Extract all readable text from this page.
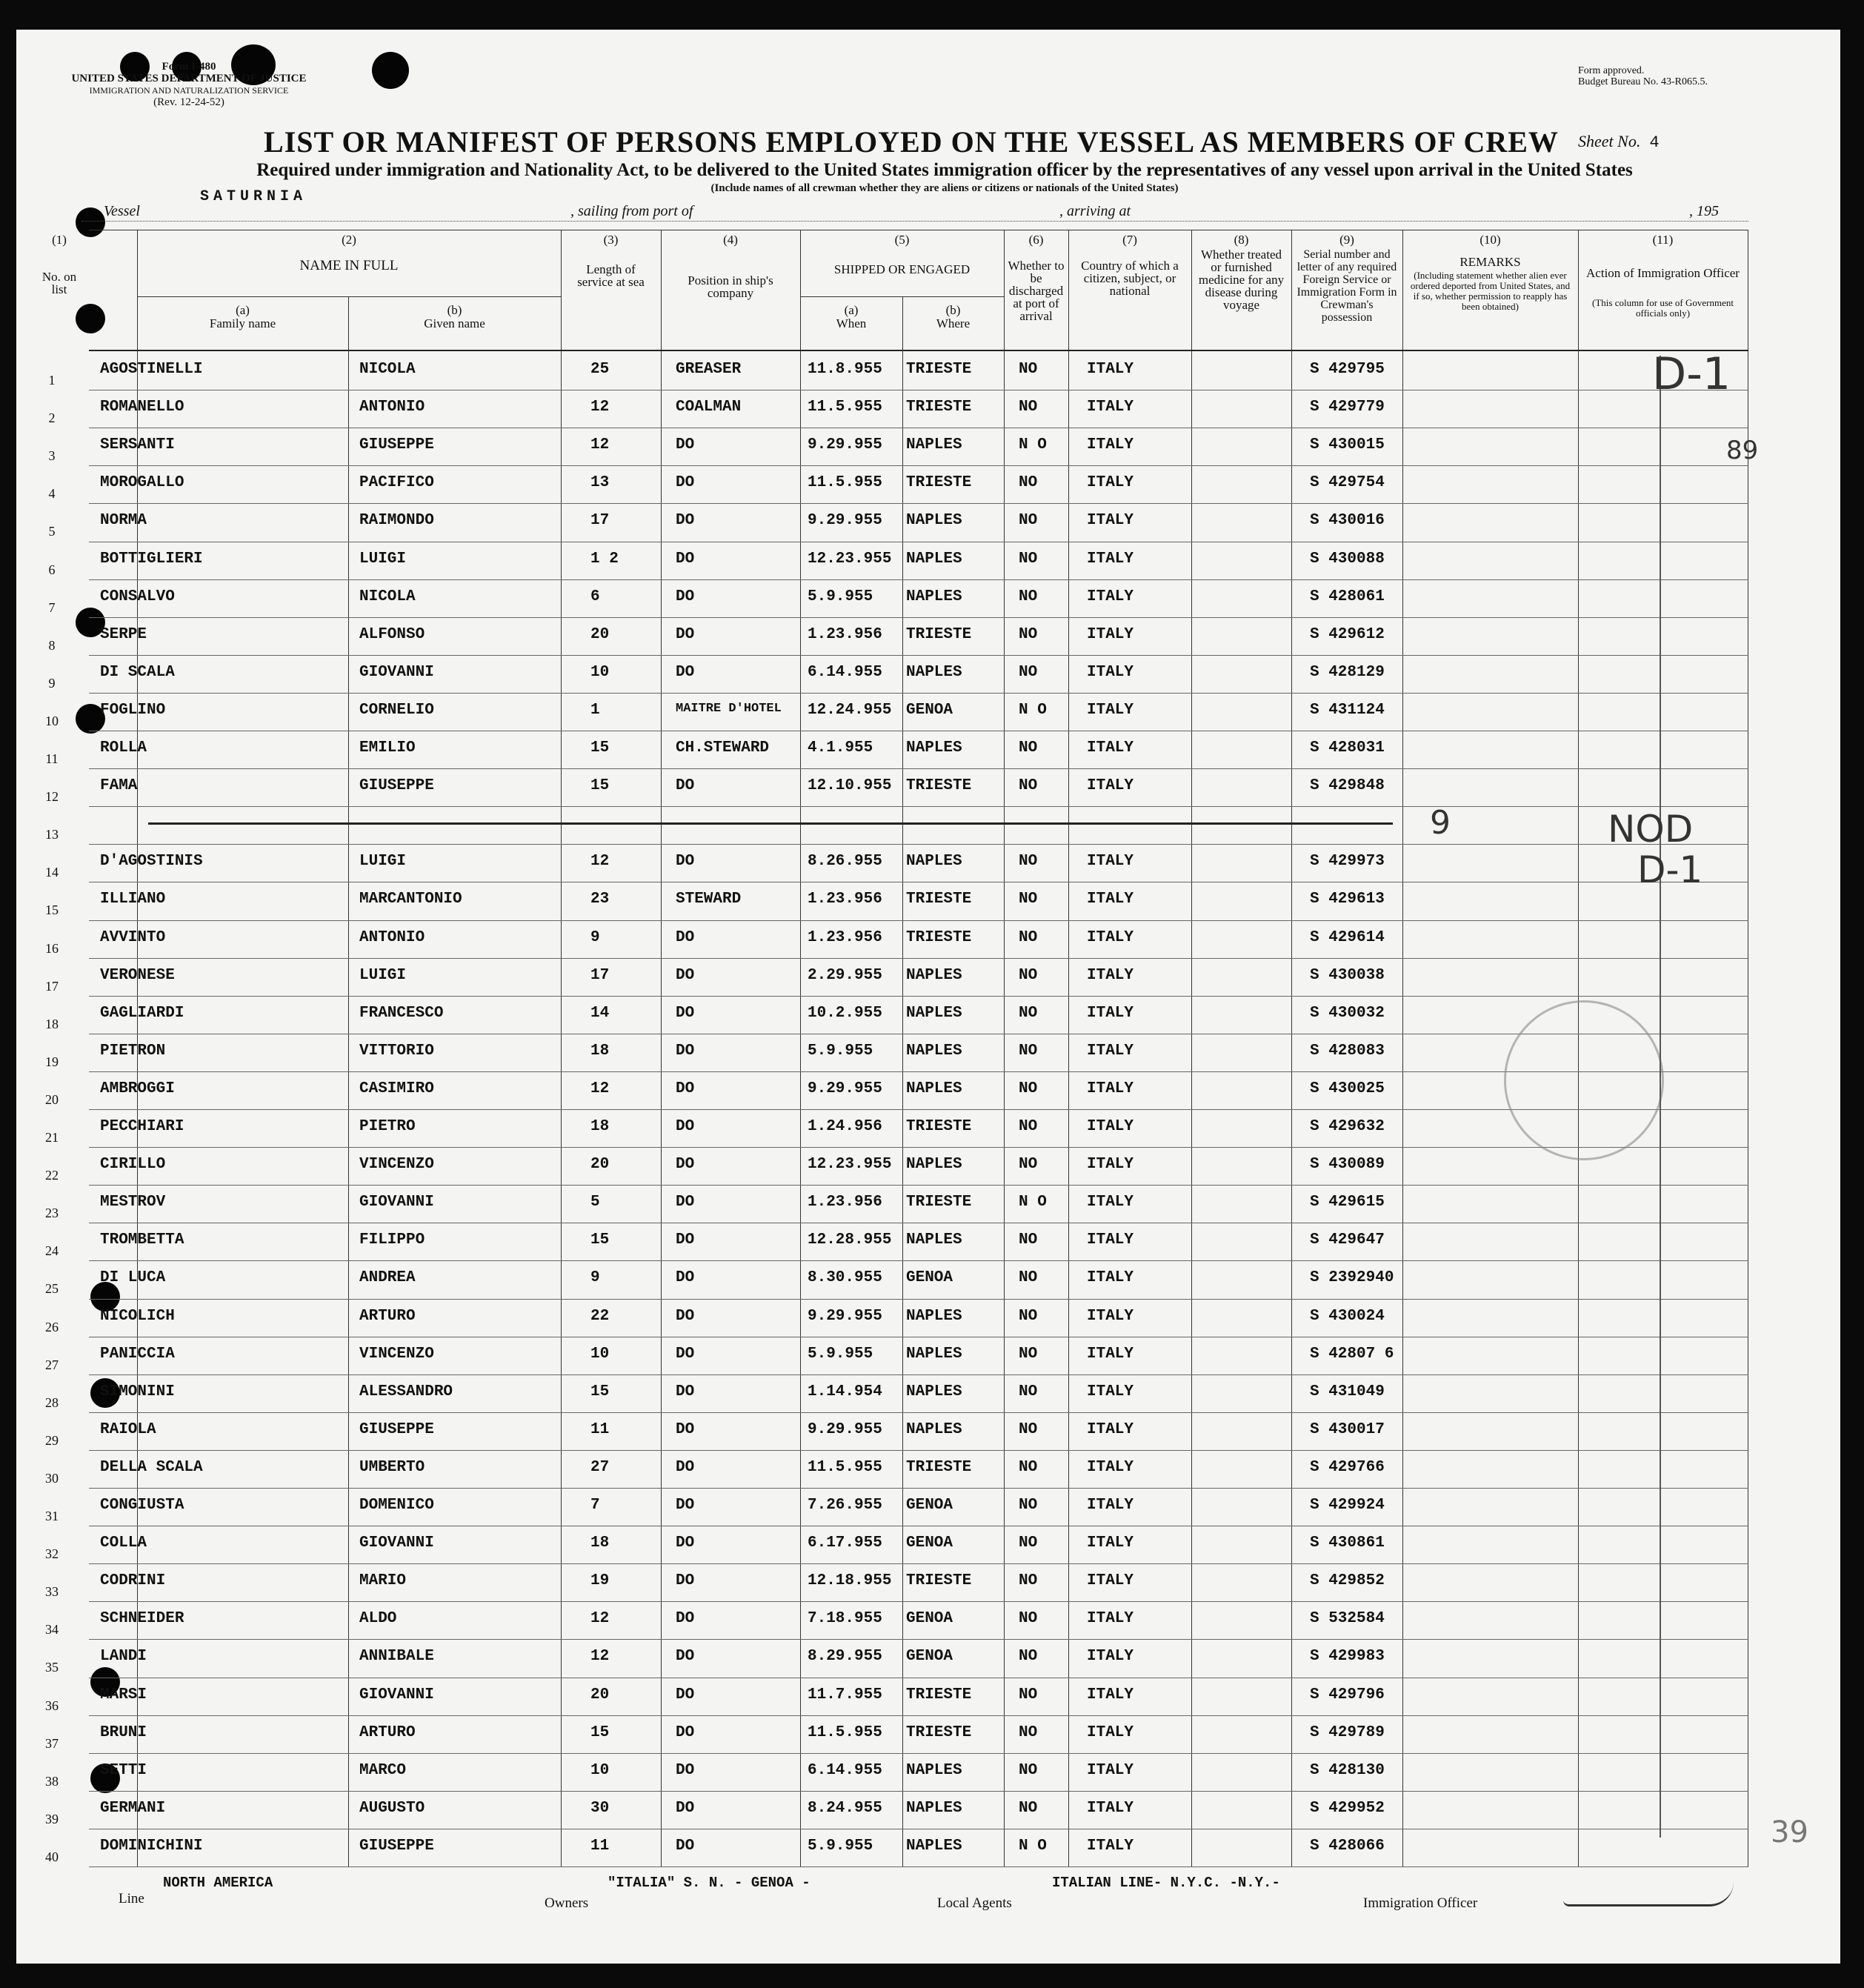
Form I-480
UNITED STATES DEPARTMENT OF JUSTICE
IMMIGRATION AND NATURALIZATION SERVICE
(Rev. 12-24-52)
Form approved.
Budget Bureau No. 43-R065.5.
LIST OR MANIFEST OF PERSONS EMPLOYED ON THE VESSEL AS MEMBERS OF CREW Sheet No. 4
Required under immigration and Nationality Act, to be delivered to the United States immigration officer by the representatives of any vessel upon arrival in the United States
(Include names of all crewman whether they are aliens or citizens or nationals of the United States)
Vessel
SATURNIA
, sailing from port of	, arriving at	, 195
(1)
No. on list
(2)
NAME IN FULL
(a)
Family name
(b)
Given name
(3)
Length of service at sea
(4)
Position in ship's company
(5)
SHIPPED OR ENGAGED
(a)
When
(b)
Where
(6)
Whether to be discharged at port of arrival
(7)
Country of which a citizen, subject, or national
(8)
Whether treated or furnished medicine for any disease during voyage
(9)
Serial number and letter of any required Foreign Service or Immigration Form in Crewman's possession
(10)
REMARKS
(Including statement whether alien ever ordered deported from United States, and if so, whether permission to reapply has been obtained)
(11)
Action of Immigration Officer
(This column for use of Government officials only)
1
AGOSTINELLI	NICOLA	25	GREASER	11.8.955 TRIESTE	NO	ITALY	S 429795
2
ROMANELLO	ANTONIO	12	COALMAN	11.5.955 TRIESTE	NO	ITALY	S 429779
3
SERSANTI	GIUSEPPE	12	DO	9.29.955 NAPLES	N O	ITALY	S 430015
4
MOROGALLO	PACIFICO	13	DO	11.5.955 TRIESTE	NO	ITALY	S 429754
5
NORMA	RAIMONDO	17	DO	9.29.955 NAPLES	NO	ITALY	S 430016
6
BOTTIGLIERI	LUIGI	1 2	DO	12.23.955 NAPLES	NO	ITALY	S 430088
7
CONSALVO	NICOLA	6	DO	5.9.955 NAPLES	NO	ITALY	S 428061
8
SERPE	ALFONSO	20	DO	1.23.956 TRIESTE	NO	ITALY	S 429612
9
DI SCALA	GIOVANNI	10	DO	6.14.955 NAPLES	NO	ITALY	S 428129
10
FOGLINO	CORNELIO	1	MAITRE D'HOTEL 12.24.955 GENOA	N O	ITALY	S 431124
11
ROLLA	EMILIO	15	CH.STEWARD 4.1.955 NAPLES	NO	ITALY	S 428031
12
FAMA	GIUSEPPE	15	DO	12.10.955 TRIESTE	NO	ITALY	S 429848
13
14
D'AGOSTINIS	LUIGI	12	DO	8.26.955 NAPLES	NO	ITALY	S 429973
15
ILLIANO	MARCANTONIO	23	STEWARD	1.23.956 TRIESTE	NO	ITALY	S 429613
16
AVVINTO	ANTONIO	9	DO	1.23.956 TRIESTE	NO	ITALY	S 429614
17
VERONESE	LUIGI	17	DO	2.29.955 NAPLES	NO	ITALY	S 430038
18
GAGLIARDI	FRANCESCO	14	DO	10.2.955 NAPLES	NO	ITALY	S 430032
19
PIETRON	VITTORIO	18	DO	5.9.955 NAPLES	NO	ITALY	S 428083
20
AMBROGGI	CASIMIRO	12	DO	9.29.955 NAPLES	NO	ITALY	S 430025
21
PECCHIARI	PIETRO	18	DO	1.24.956 TRIESTE	NO	ITALY	S 429632
22
CIRILLO	VINCENZO	20	DO	12.23.955 NAPLES	NO	ITALY	S 430089
23
MESTROV	GIOVANNI	5	DO	1.23.956 TRIESTE	N O	ITALY	S 429615
24
TROMBETTA	FILIPPO	15	DO	12.28.955 NAPLES	NO	ITALY	S 429647
25
DI LUCA	ANDREA	9	DO	8.30.955 GENOA	NO	ITALY	S 2392940
26
NICOLICH	ARTURO	22	DO	9.29.955 NAPLES	NO	ITALY	S 430024
27
PANICCIA	VINCENZO	10	DO	5.9.955 NAPLES	NO	ITALY	S 42807 6
28
SIMONINI	ALESSANDRO	15	DO	1.14.954 NAPLES	NO	ITALY	S 431049
29
RAIOLA	GIUSEPPE	11	DO	9.29.955 NAPLES	NO	ITALY	S 430017
30
DELLA SCALA	UMBERTO	27	DO	11.5.955 TRIESTE	NO	ITALY	S 429766
31
CONGIUSTA	DOMENICO	7	DO	7.26.955 GENOA	NO	ITALY	S 429924
32
COLLA	GIOVANNI	18	DO	6.17.955 GENOA	NO	ITALY	S 430861
33
CODRINI	MARIO	19	DO	12.18.955 TRIESTE	NO	ITALY	S 429852
34
SCHNEIDER	ALDO	12	DO	7.18.955 GENOA	NO	ITALY	S 532584
35
LANDI	ANNIBALE	12	DO	8.29.955 GENOA	NO	ITALY	S 429983
36
MARSI	GIOVANNI	20	DO	11.7.955 TRIESTE	NO	ITALY	S 429796
37
BRUNI	ARTURO	15	DO	11.5.955 TRIESTE	NO	ITALY	S 429789
38
SETTI	MARCO	10	DO	6.14.955 NAPLES	NO	ITALY	S 428130
39
GERMANI	AUGUSTO	30	DO	8.24.955 NAPLES	NO	ITALY	S 429952
40
DOMINICHINI	GIUSEPPE	11	DO	5.9.955 NAPLES	N O	ITALY	S 428066
D-1
89
9	NOD
D-1
39
Line
NORTH AMERICA
Owners
"ITALIA" S. N. - GENOA -
Local Agents
ITALIAN LINE- N.Y.C. -N.Y.-
Immigration Officer
